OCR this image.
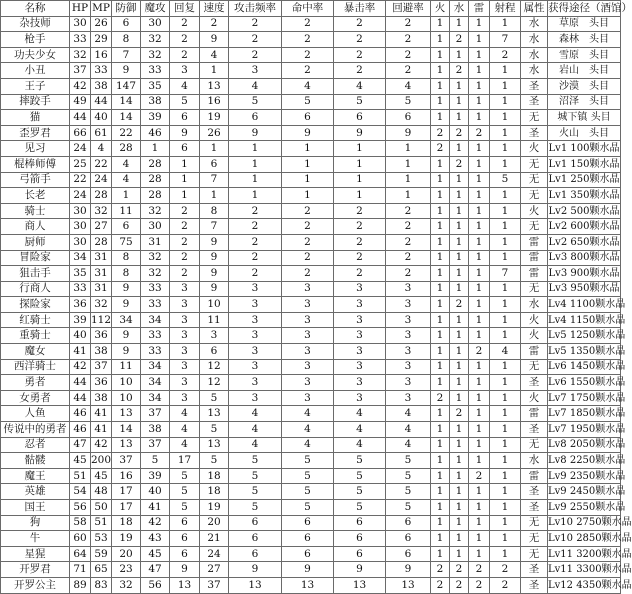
名称	HP	MP	防御	魔攻	回复	速度	攻击频率	命中率	暴击率	回避率	火	水	雷	射程	属性	获得途径（酒馆）
杂技师	30	26	6	30	2	2	2	2	2	2	1	1	1	1	水	草原　头目
枪手	33	29	8	32	2	9	2	2	2	2	1	2	1	7	水	森林　头目
功夫少女	32	16	7	32	2	4	2	2	2	2	1	1	1	2	水	雪原　头目
小丑	37	33	9	33	3	1	3	2	2	2	1	2	1	1	水	岩山　头目
王子	42	38	147	35	4	13	4	4	4	4	1	1	1	1	圣	沙漠　头目
摔跤手	49	44	14	38	5	16	5	5	5	5	1	1	1	1	圣	沼泽　头目
猫	44	40	14	39	6	19	6	6	6	6	1	1	1	1	无	城下镇 头目
歪罗君	66	61	22	46	9	26	9	9	9	9	2	2	2	1	圣	火山　头目
见习	24	4	28	1	6	1	1	1	1	1	2	1	1	1	火	Lv1 100颗水晶
棍棒师傅	25	22	4	28	1	6	1	1	1	1	1	2	1	1	无	Lv1 150颗水晶
弓箭手	22	24	4	28	1	7	1	1	1	1	1	1	1	5	无	Lv1 250颗水晶
长老	24	28	1	28	1	1	1	1	1	1	1	1	1	1	无	Lv1 350颗水晶
骑士	30	32	11	32	2	8	2	2	2	2	1	1	1	1	火	Lv2 500颗水晶
商人	30	27	6	30	2	7	2	2	2	2	1	1	1	1	无	Lv2 600颗水晶
厨师	30	28	75	31	2	9	2	2	2	2	1	1	1	1	雷	Lv2 650颗水晶
冒险家	34	31	8	32	2	9	2	2	2	2	1	1	1	1	雷	Lv3 800颗水晶
狙击手	35	31	8	32	2	9	2	2	2	2	1	1	1	7	雷	Lv3 900颗水晶
行商人	33	31	9	33	3	9	3	3	3	3	1	1	1	1	无	Lv3 950颗水晶
探险家	36	32	9	33	3	10	3	3	3	3	1	2	1	1	水	Lv4 1100颗水晶
红骑士	39	112	34	34	3	11	3	3	3	3	1	1	1	1	火	Lv4 1150颗水晶
重骑士	40	36	9	33	3	3	3	3	3	3	1	1	1	1	火	Lv5 1250颗水晶
魔女	41	38	9	33	3	6	3	3	3	3	1	1	2	4	雷	Lv5 1350颗水晶
西洋骑士	42	37	11	34	3	12	3	3	3	3	1	1	1	1	无	Lv6 1450颗水晶
勇者	44	36	10	34	3	12	3	3	3	3	1	1	1	1	圣	Lv6 1550颗水晶
女勇者	44	38	10	34	3	5	3	3	3	3	2	1	1	1	火	Lv7 1750颗水晶
人鱼	46	41	13	37	4	13	4	4	4	4	1	2	1	1	雷	Lv7 1850颗水晶
传说中的勇者	46	41	14	38	4	5	4	4	4	4	1	1	1	1	圣	Lv7 1950颗水晶
忍者	47	42	13	37	4	13	4	4	4	4	1	1	1	1	无	Lv8 2050颗水晶
骷髅	45	200	37	5	17	5	5	5	5	5	1	1	1	1	水	Lv8 2250颗水晶
魔王	51	45	16	39	5	18	5	5	5	5	1	1	2	1	雷	Lv9 2350颗水晶
英雄	54	48	17	40	5	18	5	5	5	5	1	1	1	1	圣	Lv9 2450颗水晶
国王	56	50	17	41	5	19	5	5	5	5	1	1	1	1	圣	Lv9 2550颗水晶
狗	58	51	18	42	6	20	6	6	6	6	1	1	1	1	无	Lv10 2750颗水晶
牛	60	53	19	43	6	21	6	6	6	6	1	1	1	1	无	Lv10 2850颗水晶
星猩	64	59	20	45	6	24	6	6	6	6	1	1	1	1	无	Lv11 3200颗水晶
开罗君	71	65	23	47	9	27	9	9	9	9	2	2	2	2	圣	Lv11 3300颗水晶
开罗公主	89	83	32	56	13	37	13	13	13	13	2	2	2	2	圣	Lv12 4350颗水晶
